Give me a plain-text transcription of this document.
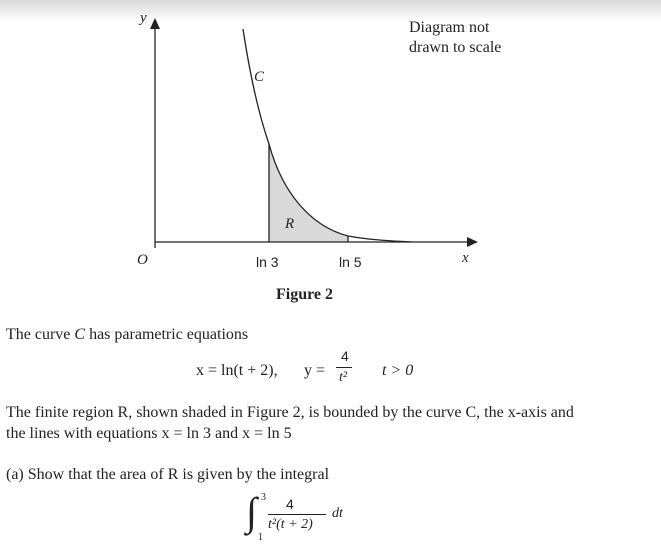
y
x
O
C
R
ln 3	ln 5
Diagram not
drawn to scale
Figure 2
The curve C has parametric equations
x = ln(t + 2), y =
4
t² t > 0
The finite region R, shown shaded in Figure 2, is bounded by the curve C, the x-axis and
the lines with equations x = ln 3 and x = ln 5
(a) Show that the area of R is given by the integral
∫ 3
1
4
t²(t + 2)
dt
